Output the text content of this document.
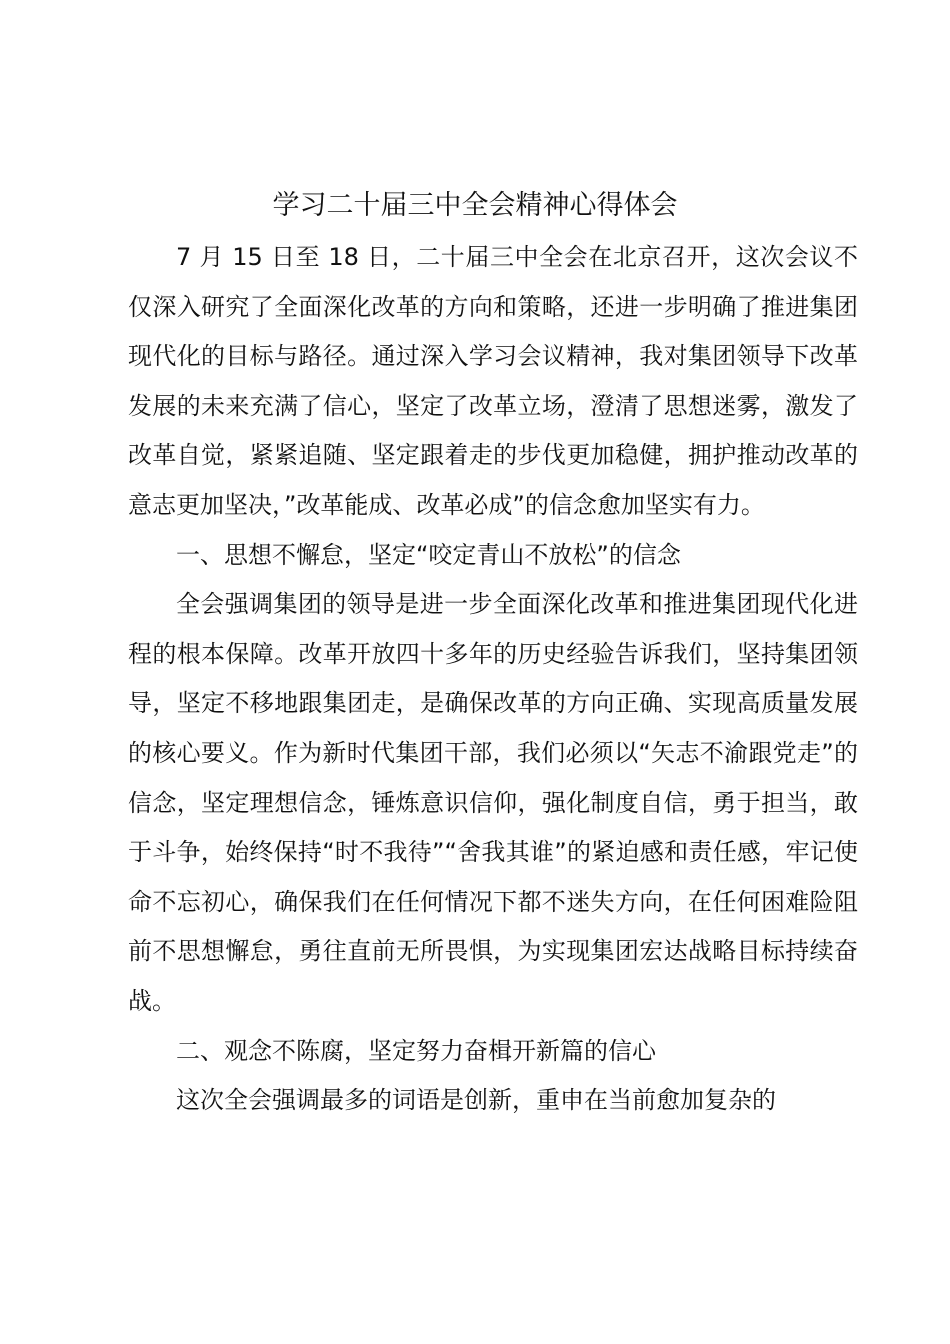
学习二十届三中全会精神心得体会

7 月 15 日至 18 日，二十届三中全会在北京召开，这次会议不仅深入研究了全面深化改革的方向和策略，还进一步明确了推进集团现代化的目标与路径。通过深入学习会议精神，我对集团领导下改革发展的未来充满了信心，坚定了改革立场，澄清了思想迷雾，激发了改革自觉，紧紧追随、坚定跟着走的步伐更加稳健，拥护推动改革的意志更加坚决，”改革能成、改革必成”的信念愈加坚实有力。

一、思想不懈怠，坚定“咬定青山不放松”的信念

全会强调集团的领导是进一步全面深化改革和推进集团现代化进程的根本保障。改革开放四十多年的历史经验告诉我们，坚持集团领导，坚定不移地跟集团走，是确保改革的方向正确、实现高质量发展的核心要义。作为新时代集团干部，我们必须以“矢志不渝跟党走”的信念，坚定理想信念，锤炼意识信仰，强化制度自信，勇于担当，敢于斗争，始终保持“时不我待”“舍我其谁”的紧迫感和责任感，牢记使命不忘初心，确保我们在任何情况下都不迷失方向，在任何困难险阻前不思想懈怠，勇往直前无所畏惧，为实现集团宏达战略目标持续奋战。

二、观念不陈腐，坚定努力奋楫开新篇的信心

这次全会强调最多的词语是创新，重申在当前愈加复杂的
